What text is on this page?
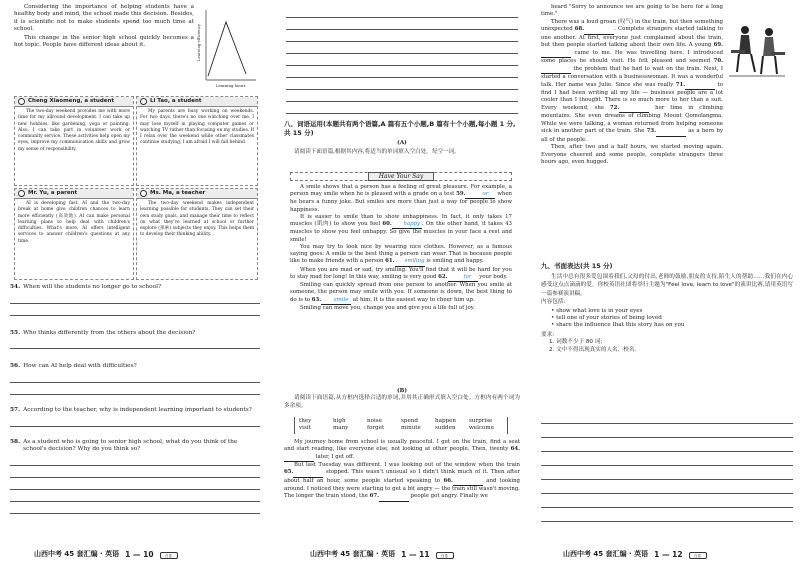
Considering the importance of helping students have a healthy body and mind, the school made this decision. Besides, it is scientific not to make students spend too much time at school.

This change in the senior high school quickly becomes a hot topic. People have different ideas about it.	Learning efficiency
Learning hours
Cheng Xiaomeng, a student

The two-day weekend provides me with more time for my allround development. I can take up new hobbies, like gardening, yoga or painting. Also, I can take part in volunteer work or community service. These activities help open my eyes, improve my communication skills and grow my sense of responsibility.

Li Tao, a student

My parents are busy working on weekends. For two days, there's no one watching over me. I may lose myself in playing computer games or watching TV rather than focusing on my studies. If I relax over the weekend while other classmates continue studying, I am afraid I will fall behind.

Mr. Yu, a parent

AI is developing fast. AI and the two-day break at home give children chances to learn more efficiently (高效地). AI can make personal learning plans to help deal with children's difficulties. What's more, AI offers intelligent services to answer children's questions at any time.

Ms. Ma, a teacher

The two-day weekend makes independent learning possible for students. They can set their own study goals, and manage their time to reflect on what they've learned at school or further explore (探索) subjects they enjoy. This helps them to develop their thinking ability.

54. When will the students no longer go to school?
55. Who thinks differently from the others about the decision?
56. How can AI help deal with difficulties?
57. According to the teacher, why is independent learning important to students?
58. As a student who is going to senior high school, what do you think of the school's decision? Why do you think so?
山西中考 45 套汇编 · 英语 1 — 10	白卷

八、词语运用(本题共有两个语篇,A 篇有五个小题,B 篇有十个小题,每小题 1 分,共 15 分)

(A)

请阅读下面语篇,根据其内容,将适当的单词填入空白处。每空一词。

Have Your Say

A smile shows that a person has a feeling of great pleasure. For example, a person may smile when he is pleased with a grade on a test 59.	or when he hears a funny joke. But smiles are more than just a way for people to show happiness.

It is easier to smile than to show unhappiness. In fact, it only takes 17 muscles (肌肉) to show you feel 60. happy . On the other hand, it takes 43 muscles to show you feel unhappy. So give the muscles in your face a rest and smile!

You may try to look nice by wearing nice clothes. However, as a famous saying goes: A smile is the best thing a person can wear. That is because people like to make friends with a person 61. smiling is smiling and happy.

When you are mad or sad, try smiling. You'll find that it will be hard for you to stay mad for long! In this way, smiling is very good 62.	for your body.

Smiling can quickly spread from one person to another. When you smile at someone, the person may smile with you. If someone is down, the best thing to do is to 63. smile at him. It is the easiest way to cheer him up.

Smiling can move you, change you and give you a life full of joy.

(B)

请阅读下面语篇,从方框内选择合适的单词,并用其正确形式填入空白处。方框内有两个词为多余项。

they	high	noise	spend	happen	surprise
visit	many	forget	minute	sudden	welcome

My journey home from school is usually peaceful. I get on the train, find a seat and start reading, like everyone else, not looking at other people. Then, twenty 64.  later, I get off.

But last Tuesday was different. I was looking out of the window when the train 65.	stopped. This wasn't unusual so I didn't think much of it. Then after about half an hour, some people started speaking to 66.	and looking around. I noticed they were starting to get a bit angry — the train still wasn't moving. The longer the train stood, the 67.	people got angry. Finally we

山西中考 45 套汇编 · 英语 1 — 11	白卷

heard "Sorry to announce we are going to be here for a long time."

There was a loud groan (叹气) in the train, but then something unexpected 68.	. Complete strangers started talking to one another. At first, everyone just complained about the train, but then people started talking about their own life. A young 69.  came to me. He was travelling here. I introduced some places he should visit. He felt pleased and seemed 70.  the problem that he had to wait on the train. Next, I started a conversation with a businesswoman. It was a wonderful talk. Her name was Julie. Since she was really 71.	to find I had been writing all my life — business people are a lot cooler than I thought. There is so much more to her than a suit. Every weekend, she 72.	her time in climbing mountains. She even dreams of climbing Mount Qomolangma. While we were talking, a woman returned from helping someone sick in another part of the train. She 73.	as a hero by all of the people.

Then, after two and a half hours, we started moving again. Everyone cheered and some people, complete strangers three hours ago, even hugged.

九、书面表达(共 15 分)

生活中总有很多爱包围着我们,父母的付出,老师的鼓励,朋友的支持,陌生人的帮助……我们在内心感受这点点滴滴的爱。你校英语社团将举行主题为"Feel love, learn to love"的演讲比赛,请用英语写一篇参赛演讲稿。

内容包括:

• show what love is in your eyes
• tell one of your stories of being loved
• share the influence that this story has on you

要求:

1. 词数不少于 80 词;

2. 文中不得出现真实的人名、校名。

山西中考 45 套汇编 · 英语 1 — 12	白卷
